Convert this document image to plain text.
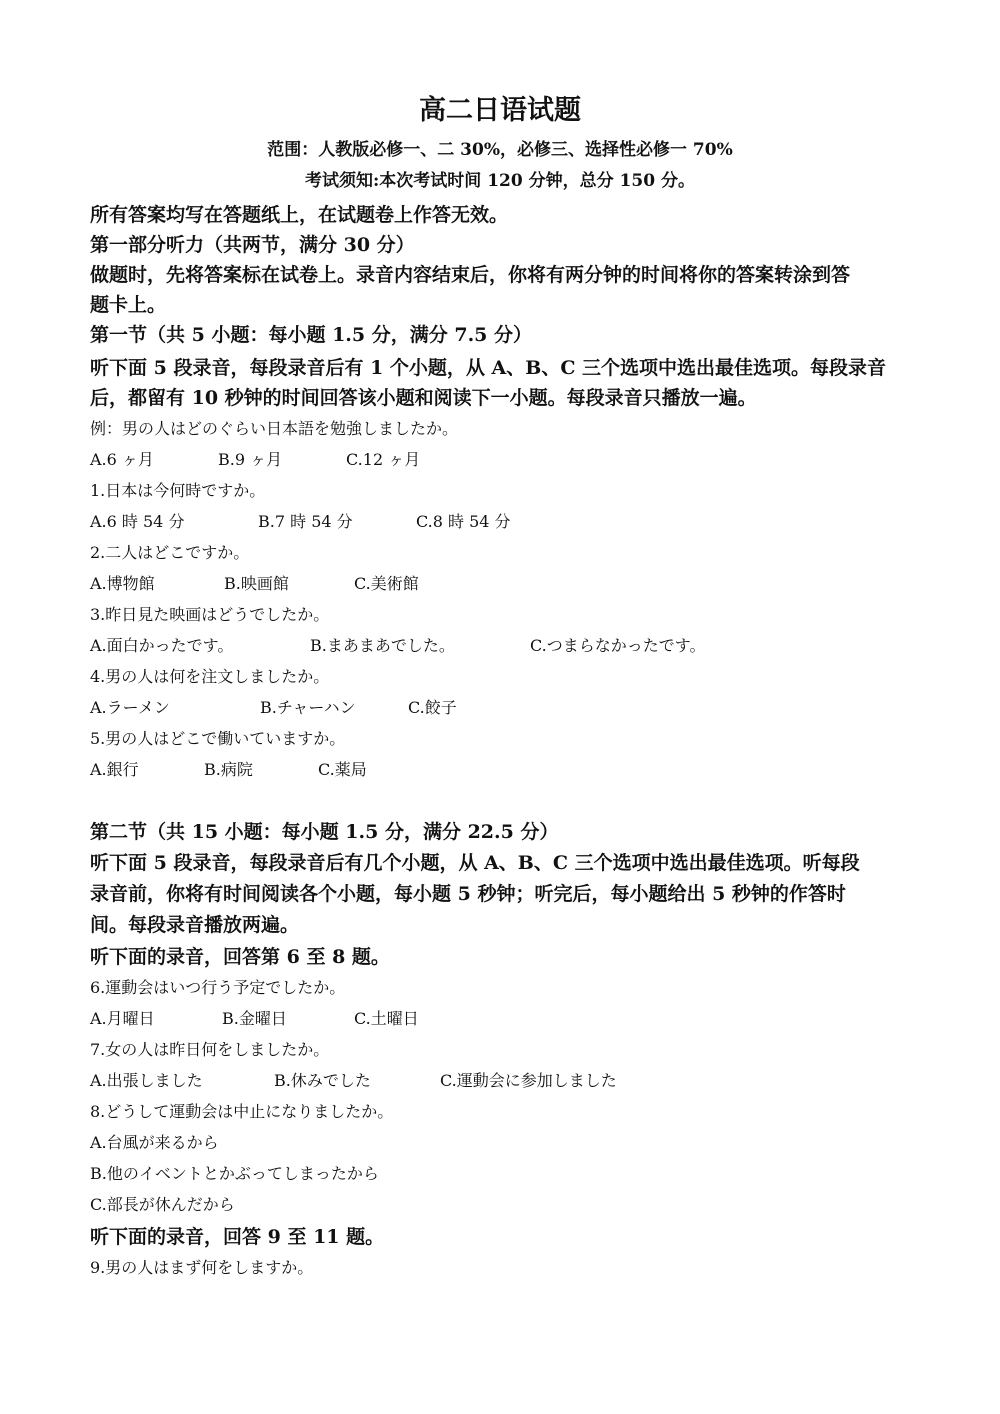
高二日语试题
范围：人教版必修一、二 30%，必修三、选择性必修一 70%
考试须知:本次考试时间 120 分钟，总分 150 分。
所有答案均写在答题纸上，在试题卷上作答无效。
第一部分听力（共两节，满分 30 分）
做题时，先将答案标在试卷上。录音内容结束后，你将有两分钟的时间将你的答案转涂到答
题卡上。
第一节（共 5 小题：每小题 1.5 分，满分 7.5 分）
听下面 5 段录音，每段录音后有 1 个小题，从 A、B、C 三个选项中选出最佳选项。每段录音
后，都留有 10 秒钟的时间回答该小题和阅读下一小题。每段录音只播放一遍。
例：男の人はどのぐらい日本語を勉強しましたか。
A.6 ヶ月	B.9 ヶ月	C.12 ヶ月
1.日本は今何時ですか。
A.6 時 54 分	B.7 時 54 分	C.8 時 54 分
2.二人はどこですか。
A.博物館	B.映画館	C.美術館
3.昨日見た映画はどうでしたか。
A.面白かったです。	B.まあまあでした。	C.つまらなかったです。
4.男の人は何を注文しましたか。
A.ラーメン	B.チャーハン	C.餃子
5.男の人はどこで働いていますか。
A.銀行	B.病院	C.薬局
第二节（共 15 小题：每小题 1.5 分，满分 22.5 分）
听下面 5 段录音，每段录音后有几个小题，从 A、B、C 三个选项中选出最佳选项。听每段
录音前，你将有时间阅读各个小题，每小题 5 秒钟；听完后，每小题给出 5 秒钟的作答时
间。每段录音播放两遍。
听下面的录音，回答第 6 至 8 题。
6.運動会はいつ行う予定でしたか。
A.月曜日	B.金曜日	C.土曜日
7.女の人は昨日何をしましたか。
A.出張しました	B.休みでした	C.運動会に参加しました
8.どうして運動会は中止になりましたか。
A.台風が来るから
B.他のイベントとかぶってしまったから
C.部長が休んだから
听下面的录音，回答 9 至 11 题。
9.男の人はまず何をしますか。
